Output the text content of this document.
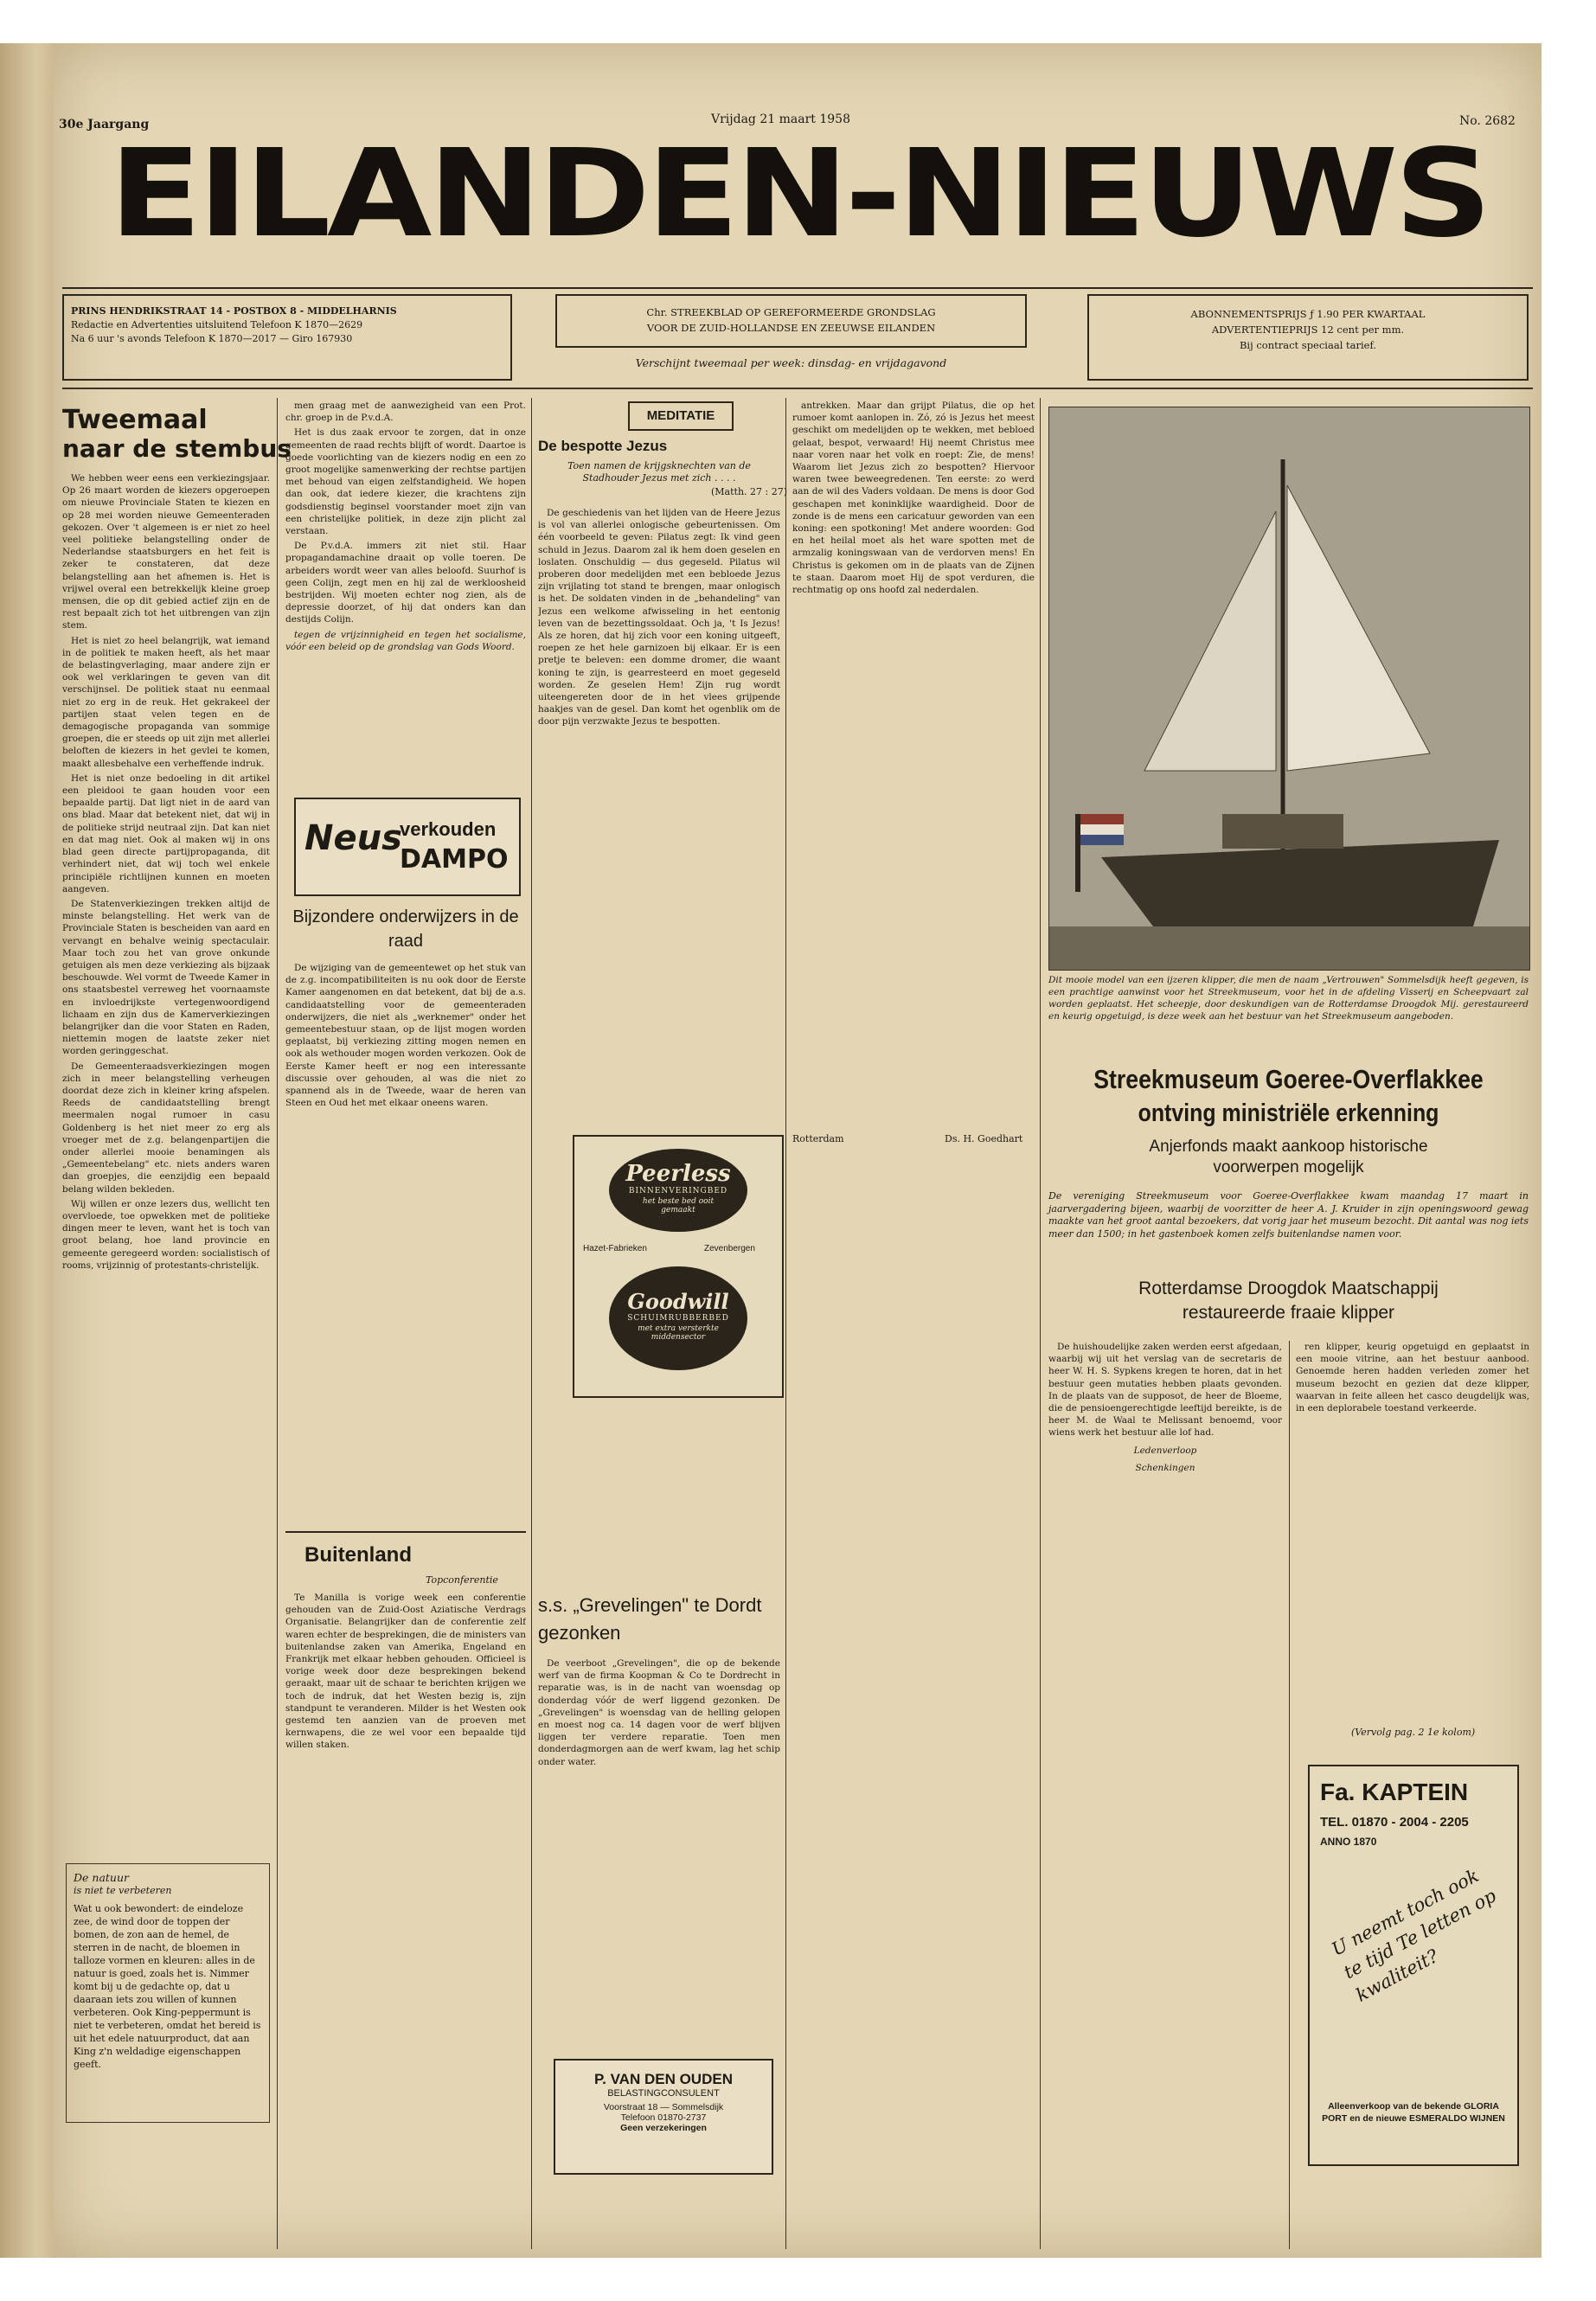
30e Jaargang	Vrijdag 21 maart 1958	No. 2682
EILANDEN-NIEUWS
PRINS HENDRIKSTRAAT 14 - POSTBOX 8 - MIDDELHARNIS
Redactie en Advertenties uitsluitend Telefoon K 1870—2629
Na 6 uur 's avonds Telefoon K 1870—2017 — Giro 167930
Chr. STREEKBLAD OP GEREFORMEERDE GRONDSLAG
VOOR DE ZUID-HOLLANDSE EN ZEEUWSE EILANDEN
Verschijnt tweemaal per week: dinsdag- en vrijdagavond
ABONNEMENTSPRIJS ƒ 1.90 PER KWARTAAL
ADVERTENTIEPRIJS 12 cent per mm.
Bij contract speciaal tarief.
Tweemaal
naar de stembus

We hebben weer eens een verkiezingsjaar. Op 26 maart worden de kiezers opgeroepen om nieuwe Provinciale Staten te kiezen en op 28 mei worden nieuwe Gemeenteraden gekozen. Over 't algemeen is er niet zo heel veel politieke belangstelling onder de Nederlandse staatsburgers en het feit is zeker te constateren, dat deze belangstelling aan het afnemen is. Het is vrijwel overal een betrekkelijk kleine groep mensen, die op dit gebied actief zijn en de rest bepaalt zich tot het uitbrengen van zijn stem.

Het is niet zo heel belangrijk, wat iemand in de politiek te maken heeft, als het maar de belastingverlaging, maar andere zijn er ook wel verklaringen te geven van dit verschijnsel. De politiek staat nu eenmaal niet zo erg in de reuk. Het gekrakeel der partijen staat velen tegen en de demagogische propaganda van sommige groepen, die er steeds op uit zijn met allerlei beloften de kiezers in het gevlei te komen, maakt allesbehalve een verheffende indruk.

Het is niet onze bedoeling in dit artikel een pleidooi te gaan houden voor een bepaalde partij. Dat ligt niet in de aard van ons blad. Maar dat betekent niet, dat wij in de politieke strijd neutraal zijn. Dat kan niet en dat mag niet. Ook al maken wij in ons blad geen directe partijpropaganda, dit verhindert niet, dat wij toch wel enkele principiële richtlijnen kunnen en moeten aangeven.

De Statenverkiezingen trekken altijd de minste belangstelling. Het werk van de Provinciale Staten is bescheiden van aard en vervangt en behalve weinig spectaculair. Maar toch zou het van grove onkunde getuigen als men deze verkiezing als bijzaak beschouwde. Wel vormt de Tweede Kamer in ons staatsbestel verreweg het voornaamste en invloedrijkste vertegenwoordigend lichaam en zijn dus de Kamerverkiezingen belangrijker dan die voor Staten en Raden, niettemin mogen de laatste zeker niet worden geringgeschat.

De Gemeenteraadsverkiezingen mogen zich in meer belangstelling verheugen doordat deze zich in kleiner kring afspelen. Reeds de candidaatstelling brengt meermalen nogal rumoer in casu Goldenberg is het niet meer zo erg als vroeger met de z.g. belangenpartijen die onder allerlei mooie benamingen als „Gemeentebelang" etc. niets anders waren dan groepjes, die eenzijdig een bepaald belang wilden bekleden.

Wij willen er onze lezers dus, wellicht ten overvloede, toe opwekken met de politieke dingen meer te leven, want het is toch van groot belang, hoe land provincie en gemeente geregeerd worden: socialistisch of rooms, vrijzinnig of protestants-christelijk.

De natuur
is niet te verbeteren
Wat u ook bewondert: de eindeloze zee, de wind door de toppen der bomen, de zon aan de hemel, de sterren in de nacht, de bloemen in talloze vormen en kleuren: alles in de natuur is goed, zoals het is. Nimmer komt bij u de gedachte op, dat u daaraan iets zou willen of kunnen verbeteren. Ook King-peppermunt is niet te verbeteren, omdat het bereid is uit het edele natuurproduct, dat aan King z'n weldadige eigenschappen geeft.

men graag met de aanwezigheid van een Prot. chr. groep in de P.v.d.A.

Het is dus zaak ervoor te zorgen, dat in onze gemeenten de raad rechts blijft of wordt. Daartoe is goede voorlichting van de kiezers nodig en een zo groot mogelijke samenwerking der rechtse partijen met behoud van eigen zelfstandigheid. We hopen dan ook, dat iedere kiezer, die krachtens zijn godsdienstig beginsel voorstander moet zijn van een christelijke politiek, in deze zijn plicht zal verstaan.

De P.v.d.A. immers zit niet stil. Haar propagandamachine draait op volle toeren. De arbeiders wordt weer van alles beloofd. Suurhof is geen Colijn, zegt men en hij zal de werkloosheid bestrijden. Wij moeten echter nog zien, als de depressie doorzet, of hij dat onders kan dan destijds Colijn.

tegen de vrijzinnigheid en tegen het socialisme, vóór een beleid op de grondslag van Gods Woord.

Neus
verkouden
DAMPO
Bijzondere onderwijzers in de raad

De wijziging van de gemeentewet op het stuk van de z.g. incompatibiliteiten is nu ook door de Eerste Kamer aangenomen en dat betekent, dat bij de a.s. candidaatstelling voor de gemeenteraden onderwijzers, die niet als „werknemer" onder het gemeentebestuur staan, op de lijst mogen worden geplaatst, bij verkiezing zitting mogen nemen en ook als wethouder mogen worden verkozen. Ook de Eerste Kamer heeft er nog een interessante discussie over gehouden, al was die niet zo spannend als in de Tweede, waar de heren van Steen en Oud het met elkaar oneens waren.

Buitenland
Topconferentie

Te Manilla is vorige week een conferentie gehouden van de Zuid-Oost Aziatische Verdrags Organisatie. Belangrijker dan de conferentie zelf waren echter de besprekingen, die de ministers van buitenlandse zaken van Amerika, Engeland en Frankrijk met elkaar hebben gehouden. Officieel is vorige week door deze besprekingen bekend geraakt, maar uit de schaar te berichten krijgen we toch de indruk, dat het Westen bezig is, zijn standpunt te veranderen. Milder is het Westen ook gestemd ten aanzien van de proeven met kernwapens, die ze wel voor een bepaalde tijd willen staken.

MEDITATIE
De bespotte Jezus
Toen namen de krijgsknechten van de Stadhouder Jezus met zich . . . .
(Matth. 27 : 27)

De geschiedenis van het lijden van de Heere Jezus is vol van allerlei onlogische gebeurtenissen. Om één voorbeeld te geven: Pilatus zegt: Ik vind geen schuld in Jezus. Daarom zal ik hem doen geselen en loslaten. Onschuldig — dus gegeseld. Pilatus wil proberen door medelijden met een bebloede Jezus zijn vrijlating tot stand te brengen, maar onlogisch is het. De soldaten vinden in de „behandeling" van Jezus een welkome afwisseling in het eentonig leven van de bezettingssoldaat. Och ja, 't Is Jezus! Als ze horen, dat hij zich voor een koning uitgeeft, roepen ze het hele garnizoen bij elkaar. Er is een pretje te beleven: een domme dromer, die waant koning te zijn, is gearresteerd en moet gegeseld worden. Ze geselen Hem! Zijn rug wordt uiteengereten door de in het vlees grijpende haakjes van de gesel. Dan komt het ogenblik om de door pijn verzwakte Jezus te bespotten.

Peerless
BINNENVERINGBED
het beste bed ooit gemaakt
Hazet-Fabrieken	Zevenbergen
Goodwill
SCHUIMRUBBERBED
met extra versterkte middensector
s.s. „Grevelingen" te Dordt gezonken

De veerboot „Grevelingen", die op de bekende werf van de firma Koopman & Co te Dordrecht in reparatie was, is in de nacht van woensdag op donderdag vóór de werf liggend gezonken. De „Grevelingen" is woensdag van de helling gelopen en moest nog ca. 14 dagen voor de werf blijven liggen ter verdere reparatie. Toen men donderdagmorgen aan de werf kwam, lag het schip onder water.

P. VAN DEN OUDEN
BELASTINGCONSULENT
Voorstraat 18 — Sommelsdijk
Telefoon 01870-2737
Geen verzekeringen

antrekken. Maar dan grijpt Pilatus, die op het rumoer komt aanlopen in. Zó, zó is Jezus het meest geschikt om medelijden op te wekken, met bebloed gelaat, bespot, verwaard! Hij neemt Christus mee naar voren naar het volk en roept: Zie, de mens! Waarom liet Jezus zich zo bespotten? Hiervoor waren twee beweegredenen. Ten eerste: zo werd aan de wil des Vaders voldaan. De mens is door God geschapen met koninklijke waardigheid. Door de zonde is de mens een caricatuur geworden van een koning: een spotkoning! Met andere woorden: God en het heilal moet als het ware spotten met de armzalig koningswaan van de verdorven mens! En Christus is gekomen om in de plaats van de Zijnen te staan. Daarom moet Hij de spot verduren, die rechtmatig op ons hoofd zal nederdalen.

Rotterdam	Ds. H. Goedhart
Dit mooie model van een ijzeren klipper, die men de naam „Vertrouwen" Sommelsdijk heeft gegeven, is een prachtige aanwinst voor het Streekmuseum, voor het in de afdeling Visserij en Scheepvaart zal worden geplaatst. Het scheepje, door deskundigen van de Rotterdamse Droogdok Mij. gerestaureerd en keurig opgetuigd, is deze week aan het bestuur van het Streekmuseum aangeboden.
Streekmuseum Goeree-Overflakkee
ontving ministriële erkenning
Anjerfonds maakt aankoop historische
voorwerpen mogelijk
De vereniging Streekmuseum voor Goeree-Overflakkee kwam maandag 17 maart in jaarvergadering bijeen, waarbij de voorzitter de heer A. J. Kruider in zijn openingswoord gewag maakte van het groot aantal bezoekers, dat vorig jaar het museum bezocht. Dit aantal was nog iets meer dan 1500; in het gastenboek komen zelfs buitenlandse namen voor.
Rotterdamse Droogdok Maatschappij
restaureerde fraaie klipper

De huishoudelijke zaken werden eerst afgedaan, waarbij wij uit het verslag van de secretaris de heer W. H. S. Sypkens kregen te horen, dat in het bestuur geen mutaties hebben plaats gevonden. In de plaats van de supposot, de heer de Bloeme, die de pensioengerechtigde leeftijd bereikte, is de heer M. de Waal te Melissant benoemd, voor wiens werk het bestuur alle lof had.

Ledenverloop

Schenkingen

ren klipper, keurig opgetuigd en geplaatst in een mooie vitrine, aan het bestuur aanbood. Genoemde heren hadden verleden zomer het museum bezocht en gezien dat deze klipper, waarvan in feite alleen het casco deugdelijk was, in een deplorabele toestand verkeerde.

(Vervolg pag. 2 1e kolom)
Fa. KAPTEIN
TEL. 01870 - 2004 - 2205
ANNO 1870
U neemt toch ook te tijd Te letten op kwaliteit?
Alleenverkoop van de bekende GLORIA PORT en de nieuwe ESMERALDO WIJNEN
